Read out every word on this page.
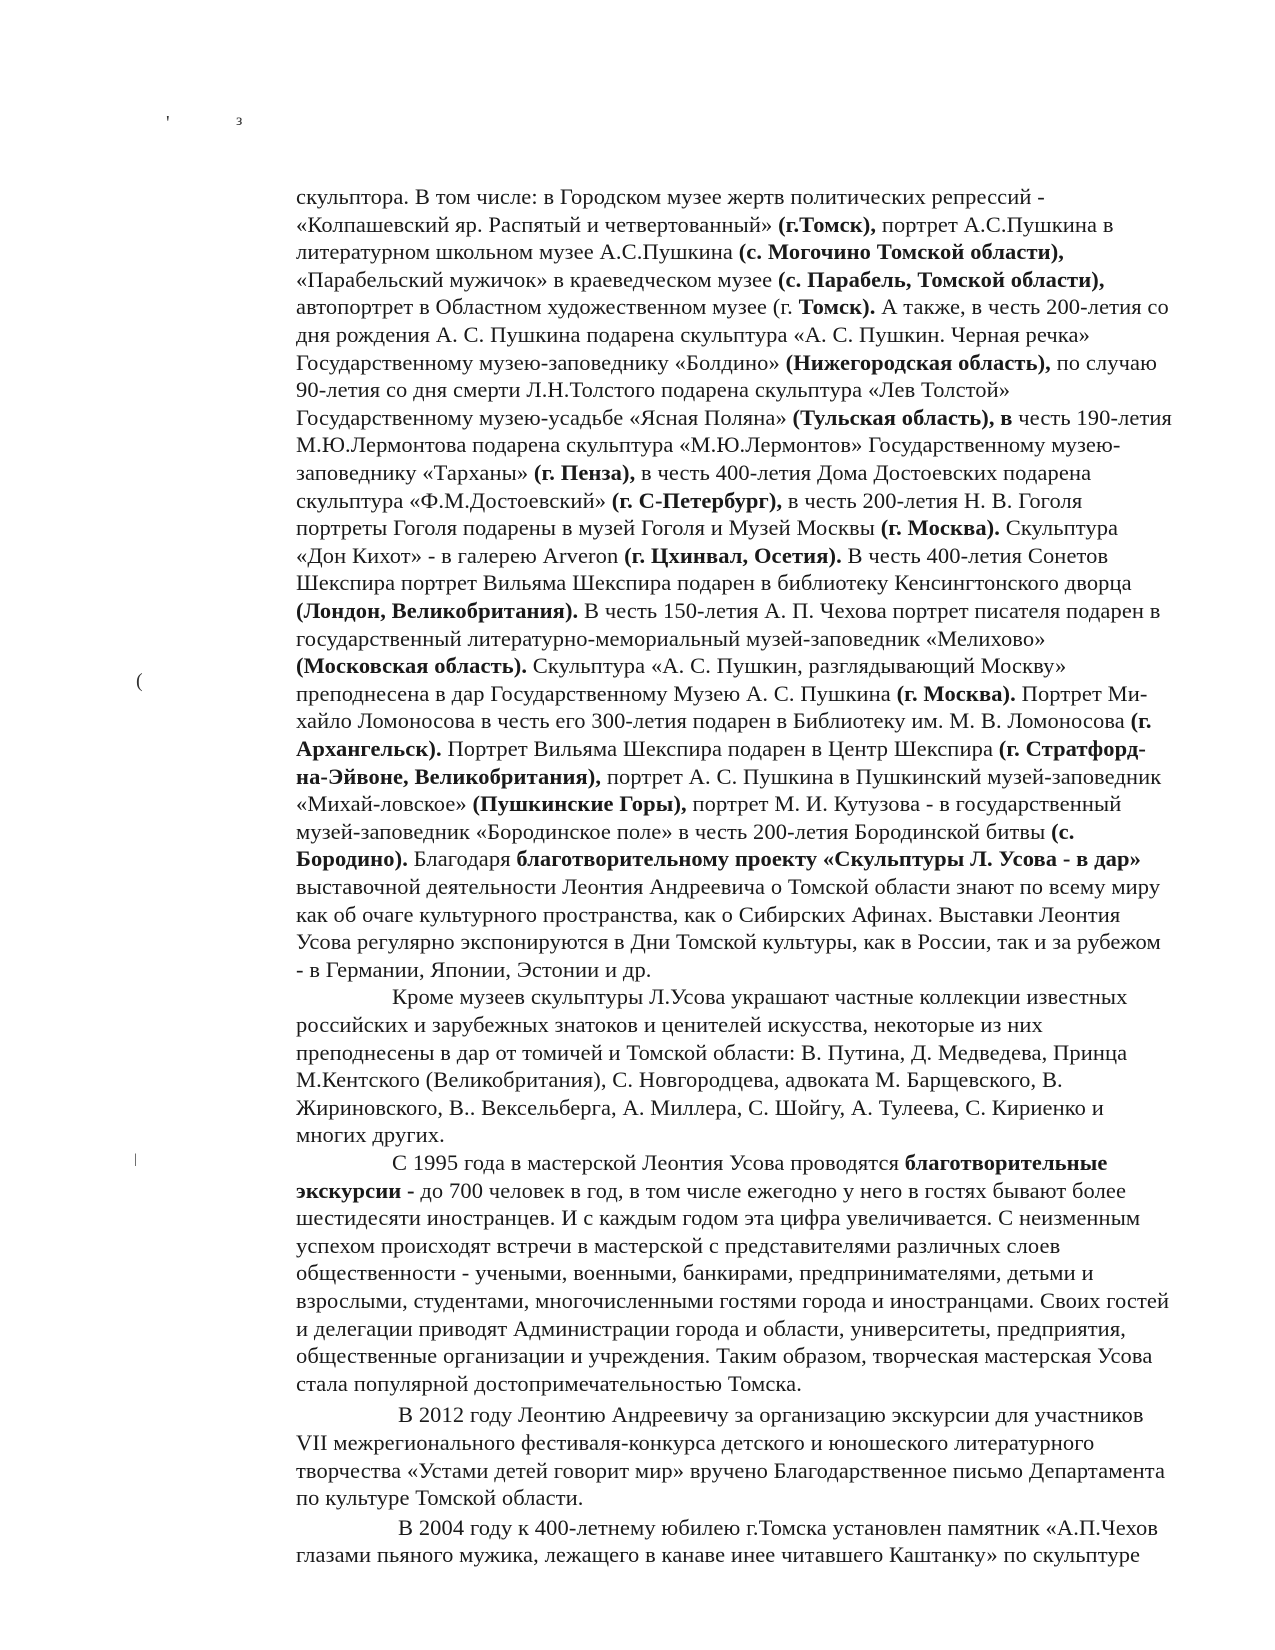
'	з
(
|
скульптора. В том числе: в Городском музее жертв политических репрессий -
«Колпашевский яр. Распятый и четвертованный» (г.Томск), портрет А.С.Пушкина в
литературном школьном музее А.С.Пушкина (с. Могочино Томской области),
«Парабельский мужичок» в краеведческом музее (с. Парабель, Томской области),
автопортрет в Областном художественном музее (г. Томск). А также, в честь 200-летия со
дня рождения А. С. Пушкина подарена скульптура «А. С. Пушкин. Черная речка»
Государственному музею-заповеднику «Болдино» (Нижегородская область), по случаю
90-летия со дня смерти Л.Н.Толстого подарена скульптура «Лев Толстой»
Государственному музею-усадьбе «Ясная Поляна» (Тульская область), в честь 190-летия
М.Ю.Лермонтова подарена скульптура «М.Ю.Лермонтов» Государственному музею-
заповеднику «Тарханы» (г. Пенза), в честь 400-летия Дома Достоевских подарена
скульптура «Ф.М.Достоевский» (г. С-Петербург), в честь 200-летия Н. В. Гоголя
портреты Гоголя подарены в музей Гоголя и Музей Москвы (г. Москва). Скульптура
«Дон Кихот» - в галерею Arveron (г. Цхинвал, Осетия). В честь 400-летия Сонетов
Шекспира портрет Вильяма Шекспира подарен в библиотеку Кенсингтонского дворца
(Лондон, Великобритания). В честь 150-летия А. П. Чехова портрет писателя подарен в
государственный литературно-мемориальный музей-заповедник «Мелихово»
(Московская область). Скульптура «А. С. Пушкин, разглядывающий Москву»
преподнесена в дар Государственному Музею А. С. Пушкина (г. Москва). Портрет Ми-
хайло Ломоносова в честь его 300-летия подарен в Библиотеку им. М. В. Ломоносова (г.
Архангельск). Портрет Вильяма Шекспира подарен в Центр Шекспира (г. Стратфорд-
на-Эйвоне, Великобритания), портрет А. С. Пушкина в Пушкинский музей-заповедник
«Михай-ловское» (Пушкинские Горы), портрет М. И. Кутузова - в государственный
музей-заповедник «Бородинское поле» в честь 200-летия Бородинской битвы (с.
Бородино). Благодаря благотворительному проекту «Скульптуры Л. Усова - в дар»
выставочной деятельности Леонтия Андреевича о Томской области знают по всему миру
как об очаге культурного пространства, как о Сибирских Афинах. Выставки Леонтия
Усова регулярно экспонируются в Дни Томской культуры, как в России, так и за рубежом
- в Германии, Японии, Эстонии и др.
Кроме музеев скульптуры Л.Усова украшают частные коллекции известных
российских и зарубежных знатоков и ценителей искусства, некоторые из них
преподнесены в дар от томичей и Томской области: В. Путина, Д. Медведева, Принца
М.Кентского (Великобритания), С. Новгородцева, адвоката М. Барщевского, В.
Жириновского, В.. Вексельберга, А. Миллера, С. Шойгу, А. Тулеева, С. Кириенко и
многих других.
С 1995 года в мастерской Леонтия Усова проводятся благотворительные
экскурсии - до 700 человек в год, в том числе ежегодно у него в гостях бывают более
шестидесяти иностранцев. И с каждым годом эта цифра увеличивается. С неизменным
успехом происходят встречи в мастерской с представителями различных слоев
общественности - учеными, военными, банкирами, предпринимателями, детьми и
взрослыми, студентами, многочисленными гостями города и иностранцами. Своих гостей
и делегации приводят Администрации города и области, университеты, предприятия,
общественные организации и учреждения. Таким образом, творческая мастерская Усова
стала популярной достопримечательностью Томска.
В 2012 году Леонтию Андреевичу за организацию экскурсии для участников
VII межрегионального фестиваля-конкурса детского и юношеского литературного
творчества «Устами детей говорит мир» вручено Благодарственное письмо Департамента
по культуре Томской области.
В 2004 году к 400-летнему юбилею г.Томска установлен памятник «А.П.Чехов
глазами пьяного мужика, лежащего в канаве инее читавшего Каштанку» по скульптуре
